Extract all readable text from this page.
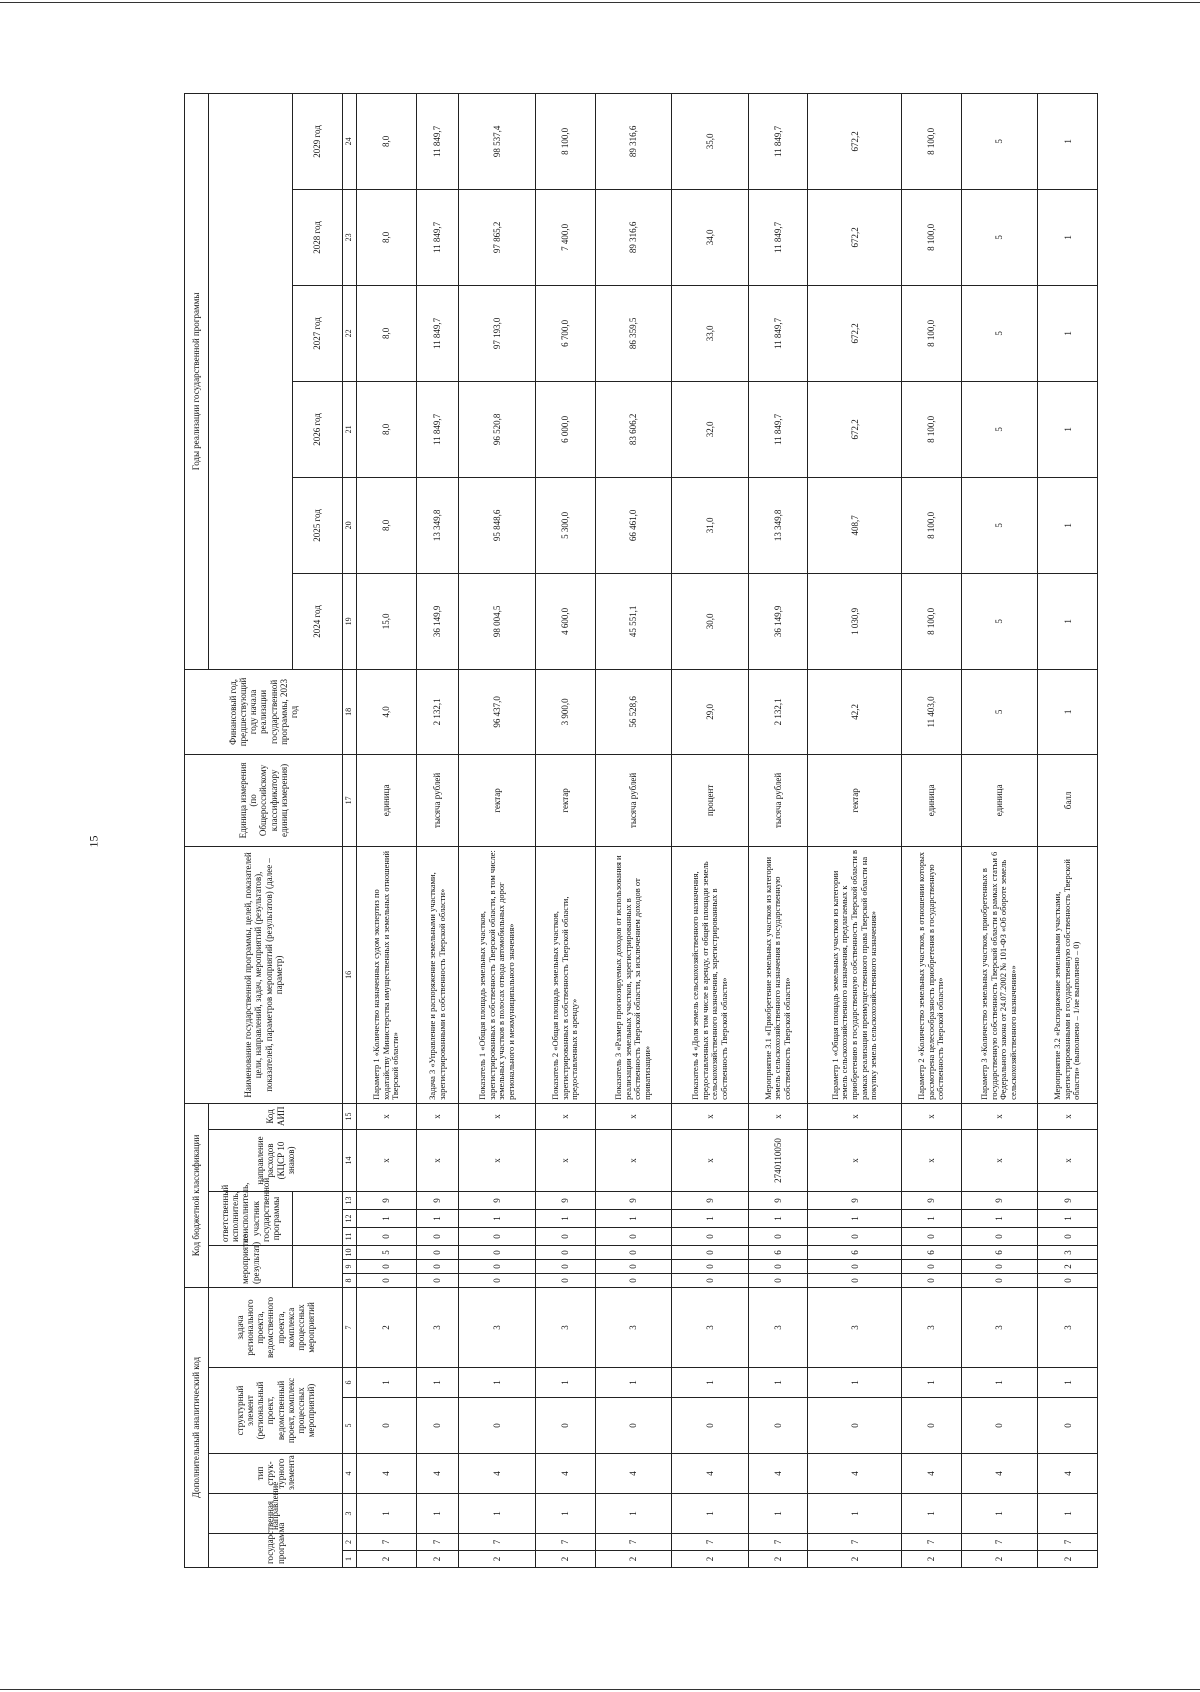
15
Дополнительный аналитический код							Код бюджетной классификации								Наименование государственной программы, целей, показателей цели, направлений, задач, мероприятий (результатов), показателей, параметров мероприятий (результатов) (далее – параметр)	Единица измерения (по Общероссийскому классификатору единиц измерения)	Финансовый год, предшествующий году начала реализации государственной программы, 2023 год	Годы реализации государственной программы					
государственная программа		направление	тип струк-турного элемента	структурный элемент (региональный проект, ведомственный проект, комплекс процессных мероприятий)		задача регионального проекта, ведомственного проекта, комплекса процессных мероприятий	мероприятие (результат)			ответственный исполнитель, соисполнитель, участник государственной программы			направление расходов (КЦСР 10 знаков)	Код АИП									
																		2024 год	2025 год	2026 год	2027 год	2028 год	2029 год
1	2	3	4	5	6	7	8	9	10	11	12	13	14	15	16	17	18	19	20	21	22	23	24
2	7	1	4	0	1	2	0	0	5	0	1	9	x	x	Параметр 1 «Количество назначенных судом экспертиз по ходатайству Министерства имущественных и земельных отношений Тверской области»	единица	4,0	15,0	8,0	8,0	8,0	8,0	8,0
2	7	1	4	0	1	3	0	0	0	0	1	9	x	x	Задача 3 «Управление и распоряжение земельными участками, зарегистрированными в собственность Тверской области»	тысяча рублей	2 132,1	36 149,9	13 349,8	11 849,7	11 849,7	11 849,7	11 849,7
2	7	1	4	0	1	3	0	0	0	0	1	9	x	x	Показатель 1 «Общая площадь земельных участков, зарегистрированных в собственность Тверской области, в том числе: земельных участков в полосах отвода автомобильных дорог регионального и межмуниципального значения»	гектар	96 437,0	98 004,5	95 848,6	96 520,8	97 193,0	97 865,2	98 537,4
2	7	1	4	0	1	3	0	0	0	0	1	9	x	x	Показатель 2 «Общая площадь земельных участков, зарегистрированных в собственность Тверской области, предоставленных в аренду»	гектар	3 900,0	4 600,0	5 300,0	6 000,0	6 700,0	7 400,0	8 100,0
2	7	1	4	0	1	3	0	0	0	0	1	9	x	x	Показатель 3 «Размер прогнозируемых доходов от использования и реализации земельных участков, зарегистрированных в собственность Тверской области, за исключением доходов от приватизации»	тысяча рублей	56 528,6	45 551,1	66 461,0	83 606,2	86 359,5	89 316,6	89 316,6
2	7	1	4	0	1	3	0	0	0	0	1	9	x	x	Показатель 4 «Доля земель сельскохозяйственного назначения, предоставленных в том числе в аренду, от общей площади земель сельскохозяйственного назначения, зарегистрированных в собственность Тверской области»	процент	29,0	30,0	31,0	32,0	33,0	34,0	35,0
2	7	1	4	0	1	3	0	0	6	0	1	9	2740110050	x	Мероприятие 3.1 «Приобретение земельных участков из категории земель сельскохозяйственного назначения в государственную собственность Тверской области»	тысяча рублей	2 132,1	36 149,9	13 349,8	11 849,7	11 849,7	11 849,7	11 849,7
2	7	1	4	0	1	3	0	0	6	0	1	9	x	x	Параметр 1 «Общая площадь земельных участков из категории земель сельскохозяйственного назначения, предлагаемых к приобретению в государственную собственность Тверской области в рамках реализации преимущественного права Тверской области на покупку земель сельскохозяйственного назначения»	гектар	42,2	1 030,9	408,7	672,2	672,2	672,2	672,2
2	7	1	4	0	1	3	0	0	6	0	1	9	x	x	Параметр 2 «Количество земельных участков, в отношении которых рассмотрена целесообразность приобретения в государственную собственность Тверской области»	единица	11 403,0	8 100,0	8 100,0	8 100,0	8 100,0	8 100,0	8 100,0
2	7	1	4	0	1	3	0	0	6	0	1	9	x	x	Параметр 3 «Количество земельных участков, приобретенных в государственную собственность Тверской области в рамках статьи 6 Федерального закона от 24.07.2002 № 101-ФЗ «Об обороте земель сельскохозяйственного назначения»»	единица	5	5	5	5	5	5	5
2	7	1	4	0	1	3	0	2	3	0	1	9	x	x	Мероприятие 3.2 «Распоряжение земельными участками, зарегистрированными в государственную собственность Тверской области» (выполнено – 1/не выполнено – 0)	балл	1	1	1	1	1	1	1
